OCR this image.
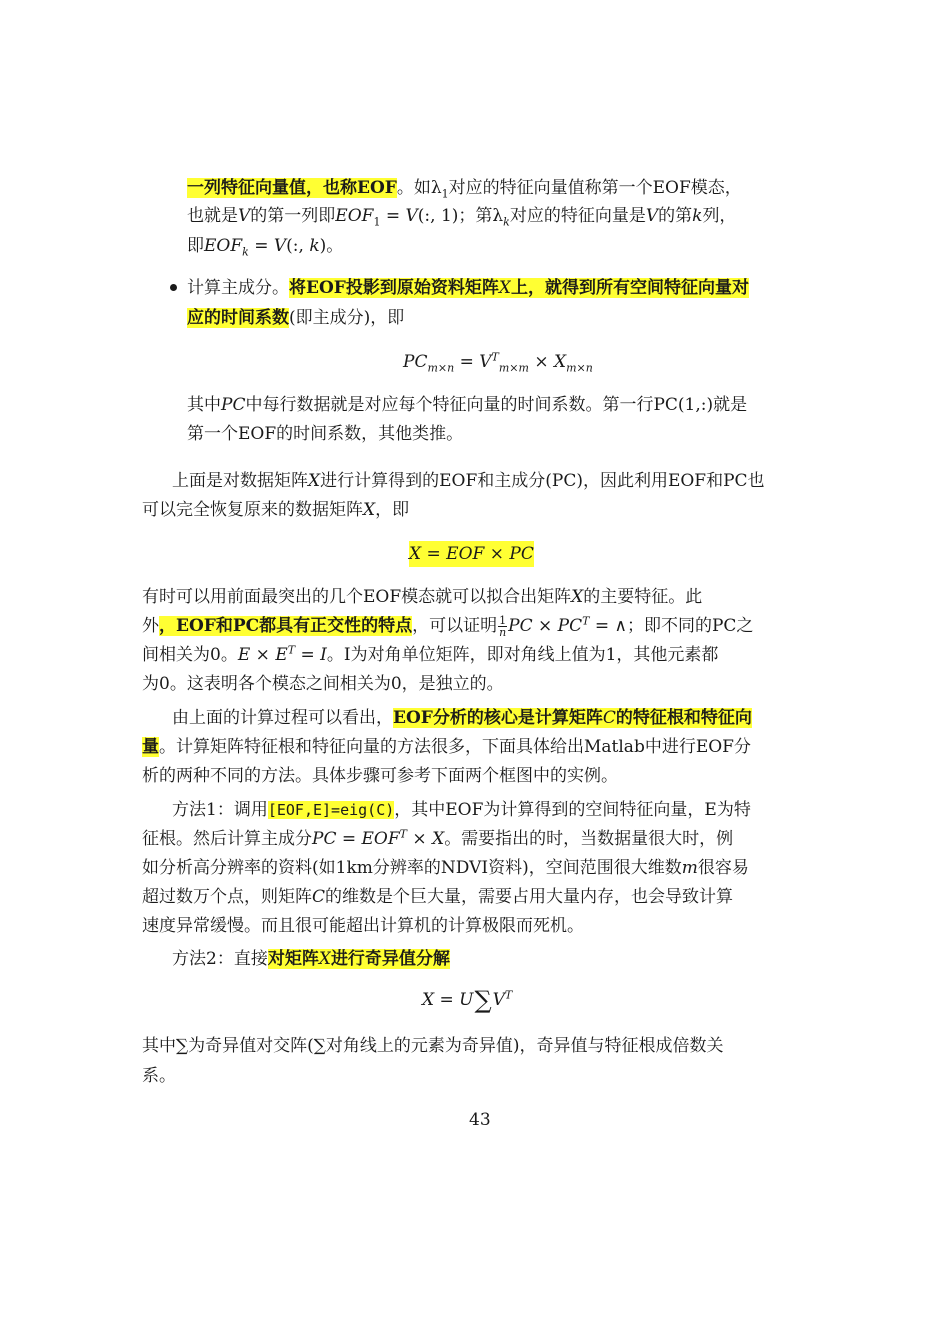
一列特征向量值，也称EOF。如$\lambda_1$对应的特征向量值称第一个EOF模态，
也就是V的第一列即$EOF_1 = V$(:, 1)；第$\lambda_k$对应的特征向量是V的第k列，
即$EOF_k = V$(:, k)。
计算主成分。将EOF投影到原始资料矩阵X上，就得到所有空间特征向量对
应的时间系数(即主成分)，即
其中PC中每行数据就是对应每个特征向量的时间系数。第一行PC(1,:)就是
第一个EOF的时间系数，其他类推。
上面是对数据矩阵X进行计算得到的EOF和主成分(PC)，因此利用EOF和PC也
可以完全恢复原来的数据矩阵X，即
有时可以用前面最突出的几个EOF模态就可以拟合出矩阵X的主要特征。此
外，EOF和PC都具有正交性的特点，可以证明 $\frac{1}{n}$ PC × $PC^T$ = ∧；即不同的PC之
间相关为0。$E \times E^T = I$。I为对角单位矩阵，即对角线上值为1，其他元素都
为0。这表明各个模态之间相关为0，是独立的。
由上面的计算过程可以看出，EOF分析的核心是计算矩阵C的特征根和特征向
量。计算矩阵特征根和特征向量的方法很多，下面具体给出Matlab中进行EOF分
析的两种不同的方法。具体步骤可参考下面两个框图中的实例。
方法1：调用[EOF,E]=eig(C)，其中EOF为计算得到的空间特征向量，E为特
征根。然后计算主成分PC = $EOF^T \times X$。需要指出的时，当数据量很大时，例
如分析高分辨率的资料(如1km分辨率的NDVI资料)，空间范围很大维数m很容易
超过数万个点，则矩阵C的维数是个巨大量，需要占用大量内存，也会导致计算
速度异常缓慢。而且很可能超出计算机的计算极限而死机。
方法2：直接对矩阵X进行奇异值分解
其中∑为奇异值对交阵(∑对角线上的元素为奇异值)，奇异值与特征根成倍数关
系。
$PC_{m\times n} = V^T_{m\times m} \times X_{m\times n}$
X = EOF × PC
$X = U\sum V^T$
43
